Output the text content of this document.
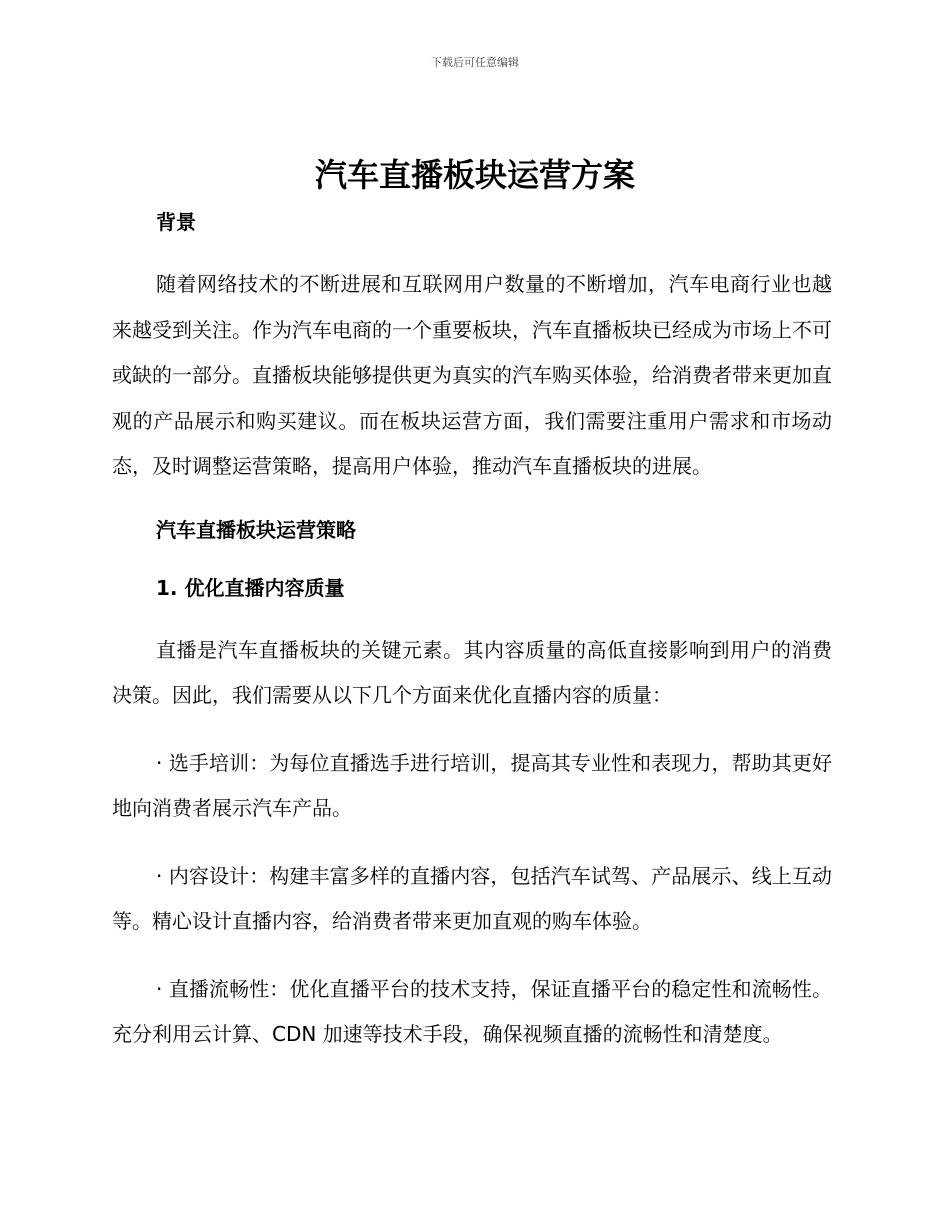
下载后可任意编辑
汽车直播板块运营方案
背景

随着网络技术的不断进展和互联网用户数量的不断增加，汽车电商行业也越来越受到关注。作为汽车电商的一个重要板块，汽车直播板块已经成为市场上不可或缺的一部分。直播板块能够提供更为真实的汽车购买体验，给消费者带来更加直观的产品展示和购买建议。而在板块运营方面，我们需要注重用户需求和市场动态，及时调整运营策略，提高用户体验，推动汽车直播板块的进展。

汽车直播板块运营策略
1. 优化直播内容质量

直播是汽车直播板块的关键元素。其内容质量的高低直接影响到用户的消费决策。因此，我们需要从以下几个方面来优化直播内容的质量：

· 选手培训：为每位直播选手进行培训，提高其专业性和表现力，帮助其更好地向消费者展示汽车产品。

· 内容设计：构建丰富多样的直播内容，包括汽车试驾、产品展示、线上互动等。精心设计直播内容，给消费者带来更加直观的购车体验。

· 直播流畅性：优化直播平台的技术支持，保证直播平台的稳定性和流畅性。充分利用云计算、CDN 加速等技术手段，确保视频直播的流畅性和清楚度。
